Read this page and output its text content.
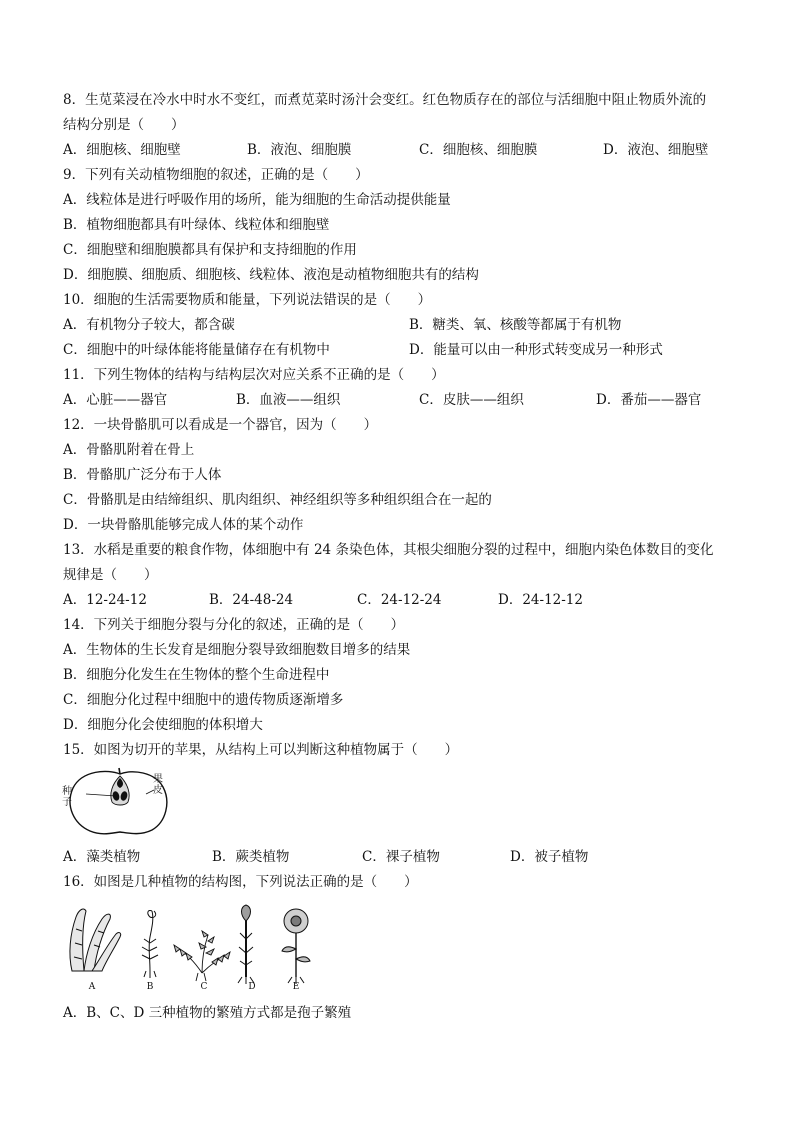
8．生苋菜浸在冷水中时水不变红，而煮苋菜时汤汁会变红。红色物质存在的部位与活细胞中阻止物质外流的
结构分别是（　　）
A．细胞核、细胞壁	B．液泡、细胞膜	C．细胞核、细胞膜	D．液泡、细胞壁
9．下列有关动植物细胞的叙述，正确的是（　　）
A．线粒体是进行呼吸作用的场所，能为细胞的生命活动提供能量
B．植物细胞都具有叶绿体、线粒体和细胞壁
C．细胞壁和细胞膜都具有保护和支持细胞的作用
D．细胞膜、细胞质、细胞核、线粒体、液泡是动植物细胞共有的结构
10．细胞的生活需要物质和能量，下列说法错误的是（　　）
A．有机物分子较大，都含碳	B．糖类、氧、核酸等都属于有机物
C．细胞中的叶绿体能将能量储存在有机物中	D．能量可以由一种形式转变成另一种形式
11．下列生物体的结构与结构层次对应关系不正确的是（　　）
A．心脏——器官	B．血液——组织	C．皮肤——组织	D．番茄——器官
12．一块骨骼肌可以看成是一个器官，因为（　　）
A．骨骼肌附着在骨上
B．骨骼肌广泛分布于人体
C．骨骼肌是由结缔组织、肌肉组织、神经组织等多种组织组合在一起的
D．一块骨骼肌能够完成人体的某个动作
13．水稻是重要的粮食作物，体细胞中有 24 条染色体，其根尖细胞分裂的过程中，细胞内染色体数目的变化
规律是（　　）
A．12-24-12	B．24-48-24	C．24-12-24	D．24-12-12
14．下列关于细胞分裂与分化的叙述，正确的是（　　）
A．生物体的生长发育是细胞分裂导致细胞数目增多的结果
B．细胞分化发生在生物体的整个生命进程中
C．细胞分化过程中细胞中的遗传物质逐渐增多
D．细胞分化会使细胞的体积增大
15．如图为切开的苹果，从结构上可以判断这种植物属于（　　）
种子
果皮
A．藻类植物	B．蕨类植物	C．裸子植物	D．被子植物
16．如图是几种植物的结构图，下列说法正确的是（　　）
A	B	C	D	E
A．B、C、D 三种植物的繁殖方式都是孢子繁殖
